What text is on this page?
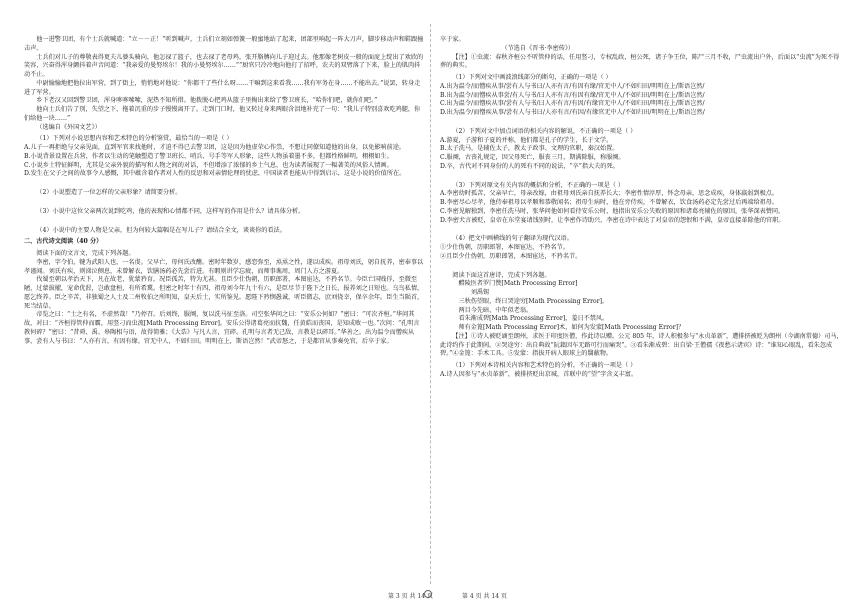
他一进警卫团，有个士兵就喊道：“立－－正！”听到喊声，士兵们立刻如弹簧一般蜜地站了起来，团部里响起一阵大刀声，脚步移动声和鞋跟撞击声。

士兵们对儿子的尊敬表得更夫儿婆头骑向，他怎禄了篮子，也去禄了老母鸡，张开胳膊向儿子迎过去。他那像老树皮一般的面庞上绽出了欢欣的笑容，兴奋得浑身颤抖着声音问道：“我亲爱的曼努埃尔！我的小曼努埃尔……””厨官只冷冷地向他打了招呼，农夫的双臂落了下来，脸上的肌肉抖动不止。

中尉愉愉地把他拉出军营，到了街上，悄悄地对他说：“你都干了些什么呀……干嘛到这来看我……我有军务在身……不能出去。”说罢，转身走进了军营。

乡下老汉又回到警卫团，浑身哆哆嗦嗦，泥热不知所措。他拨脱心把鸡从篮子里掏出来给了警卫班长，“哈你们吧，就你们吧。”

他向士兵们告了别，失望之下，拖着沉重的步子慢慢离开了。走到门口时，他又转过身来两眼含泪地补充了一句：“我儿子特别喜欢吃鸡腿，你们给他一块……”

（选编自《外国文艺》）

（1）下列对小说思想内容和艺术特色的分析鉴赏，最恰当的一项是（ ）

A.儿子一再拒绝与父亲见面，直到军官来找他时，才迫不得已去警卫团，这是因为他虚荣心作祟，不想让同僚知道他的出身，以免影响前途。

B.小说背景设置在兵营，作者以生动的笔触塑造了警卫班长、哨兵、号手等军人形象，这些人物虽着墨不多，但都性格鲜明，栩栩如生。

C.小说乡土特征鲜明，尤其是父亲外貌的描写和人物之间的对话，不但增添了浓郁的乡土气息，也为读者展现了一幅著美的风俗人情画。

D.发生在父子之间的故事令人感慨，其中蕴含着作者对人性的反思和对亲情伦理的忧虑，中国读者也能从中得到启示，这是小说的价值所在。

（2）小说塑造了一位怎样的父亲形象？请简要分析。

（3）小说中这位父亲两次说到吃鸡，他的表现和心情都不同，这样写的作用是什么？请具体分析。

（4）小说中的主要人物是父亲，但为何较大篇幅是在写儿子？请结合全文，谈谈你的看法。

二、古代诗文阅读（40 分）

阅读下面的文言文，完成下列各题。

李密，字令伯，犍为武阳人也，一名虔。父早亡，母何氏改醮。密时年数岁，感恋弥至，烝烝之性，遂以成疾。祖母刘氏，躬自抚养，密奉事以孝谨闻。刘氏有疾，则涕泣侧息，未曾解衣，饮膳汤药必先尝后进。有暇则讲学忘疲，而师事谯周，周门人方之游夏。

伐蜀至朝以孝治天下，凡在故老，犹蒙矜育，况臣孤苦，特为尤甚。且臣少仕伪朝，历职郎署，本图宦达，不矜名节。今臣亡国贱俘，至微至陋，过蒙拔擢，宠命优渥，岂敢盘桓，有所希冀。但密之时年十有四，祖母刘今年九十有六，是臣尽节于陛下之日长，报养刘之日短也。乌鸟私情，愿乞终养。臣之辛苦，非独蜀之人士及二州牧伯之所明知，皇天后土，实所鉴见。愿陛下矜悯愚诚，听臣微志，庶刘侥幸，保卒余年。臣生当陨首，死当结草。

帝览之曰：“士之有名，不虚然哉！”乃停召。后刘终，服阕，复以洗马征至洛。司空张华问之曰：“安乐公何如？”密曰：“可次齐桓。”华问其故，对曰：“齐桓得管仲而霸，用竖刁而虫流[Math Processing Error]。安乐公得诸葛亮而抗魏，任黄皓而丧国，是知成败一也。”次问：“孔明言教何碎？”密曰：“昔舜、禹、皋陶相与语，故得简雅；《大诰》与凡人言，宜碎。孔明与言者无己敌，言教是以碎耳。”华善之。出为温令而憎疾从事，尝有人与书曰：“人亦有言，有因有缘。官无中人，不如归田。明明在上，斯语岂然！”武帝怒之，于是都官从事奏免官，后卒于家。

卒于家。

（节选自《晋书·李密传》）

【注】①虫流：春秋齐桓公不听管仲的话，任用竖刁，专权乱政，桓公死，诸子争王位，陈尸三月不收，尸虫流出户外，后面以“虫流”为死不得葬的典实。

（1）下列对文中画波浪线部分的断句，正确的一项是（ ）

A.出为温令/而憎疾从事/尝有人与书曰/人亦有言/有因有缘/官无中人/不如归田/明明在上/斯语岂然/

B.出为温令/而憎疾从事尝/有人与书/曰人亦有言/有因有缘/官无中人/不如归田/明明在上/斯语岂然/

C.出为温令/而憎疾从事/尝有人与书/曰人亦有言/有因/有缘官无中人/不如归田/明明在上/斯语岂然/

D.出为温令/而憎疾从事/尝有人与书曰/人亦有言/有因/有缘官无中人/不如归田/明明在上/斯语岂然/

（2）下列对文中加点词语的相关内容的解说，不正确的一项是（ ）

A.游夏，子游和子夏的并称，他们都是孔子的学生，长于文学。

B.太子洗马，是辅佐太子，教太子政事、文理的官职，秦汉始置。

C.服阕，古丧礼规定，因父母死亡，服丧三月，期满除服，称服阕。

D.卒，古代对不同身份的人的死有不同的说法，“卒”指大夫的死。

（3）下列对原文有关内容的概括和分析，不正确的一项是（ ）

A.李密幼时孤苦，父亲早亡，母亲改嫁，由祖母刘氏亲自抚养长大；李密性情淳厚，怀念母亲，思念成疾，身体羸弱到极点。

B.李密尽心尽孝，他侍奉祖母以孝顺和恭敬闻名；祖母生病时，他在旁侍疾，不曾解衣，饮食汤药必定先尝过后再端给祖母。

C.李密见解独到，李密任洗马时，张华问他如何看待安乐公时，他指出安乐公失败的原因和诸葛亮辅佐的原因，张华深表赞同。

D.李密犬言被贬，皇帝在东堂宴请饯别时，让李密作诗助兴，李密在诗中表达了对皇帝的怨恨和不满，皇帝直接革除他的官职。

（4）把文中画横线的句子翻译为现代汉语。

①少仕伪朝，历职郎署，本图宦达，不矜名节。

②且臣少仕伪朝，历职郎署，本图宦达，不矜名节。

阅读下面这首唐诗，完成下列各题。

醴陵医者罗门赞[Math Processing Error]

刘禹锡

三秋伤望眼，终日哭途穷[Math Processing Error]。

两目今先暗，中年似老翁。

看朱渐成碧[Math Processing Error]，羞日不禁风。

师有金篦[Math Processing Error]术，如何为发蒙[Math Processing Error]？

【注】①诗人被贬谪至朗州，求医于印度医僧，作此诗以赠。公元 805 年，诗人积极参与“永贞革新”，遭排挤被贬为朗州（今湖南常德）司马，此诗约作于此期间。②哭途穷：出自典故“阮籍因车无路可行而痛哭”。③看朱渐成碧：出自梁·王僧孺《夜愁示诸宾》诗：“谁知心眼乱，看朱忽成碧。”④金篦：手术工具。⑤发蒙：指拔开病人眼球上的翳蔽物。

（1）下列对本诗相关内容和艺术特色的分析，不正确的一项是（ ）

A.诗人因参与“永贞革新”，被排挤贬出京城，首联中的“望”字含义丰富。

第 3 页 共 14 页	第 4 页 共 14 页
